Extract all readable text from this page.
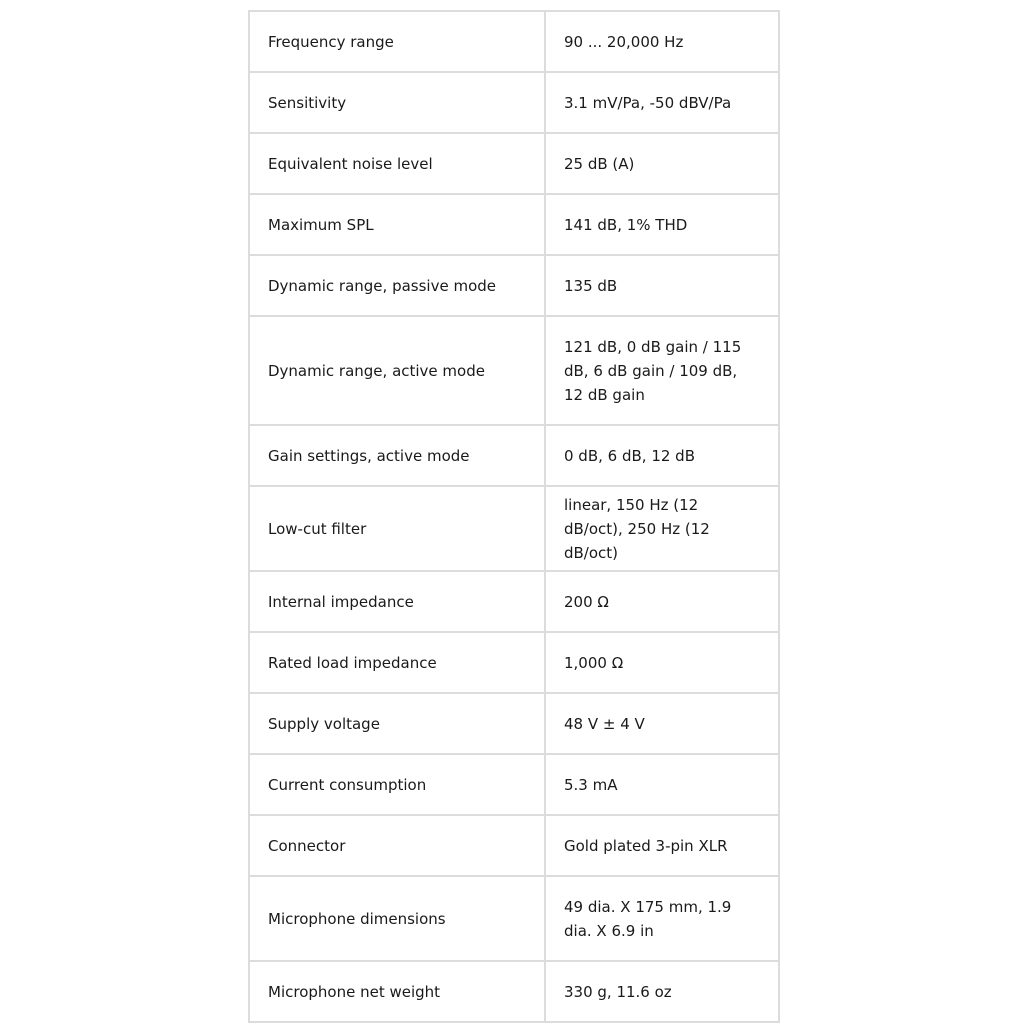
Frequency range	90 ... 20,000 Hz
Sensitivity	3.1 mV/Pa, -50 dBV/Pa
Equivalent noise level	25 dB (A)
Maximum SPL	141 dB, 1% THD
Dynamic range, passive mode	135 dB
Dynamic range, active mode	121 dB, 0 dB gain / 115 dB, 6 dB gain / 109 dB, 12 dB gain
Gain settings, active mode	0 dB, 6 dB, 12 dB
Low-cut filter	linear, 150 Hz (12 dB/oct), 250 Hz (12 dB/oct)
Internal impedance	200 Ω
Rated load impedance	1,000 Ω
Supply voltage	48 V ± 4 V
Current consumption	5.3 mA
Connector	Gold plated 3-pin XLR
Microphone dimensions	49 dia. X 175 mm, 1.9 dia. X 6.9 in
Microphone net weight	330 g, 11.6 oz
